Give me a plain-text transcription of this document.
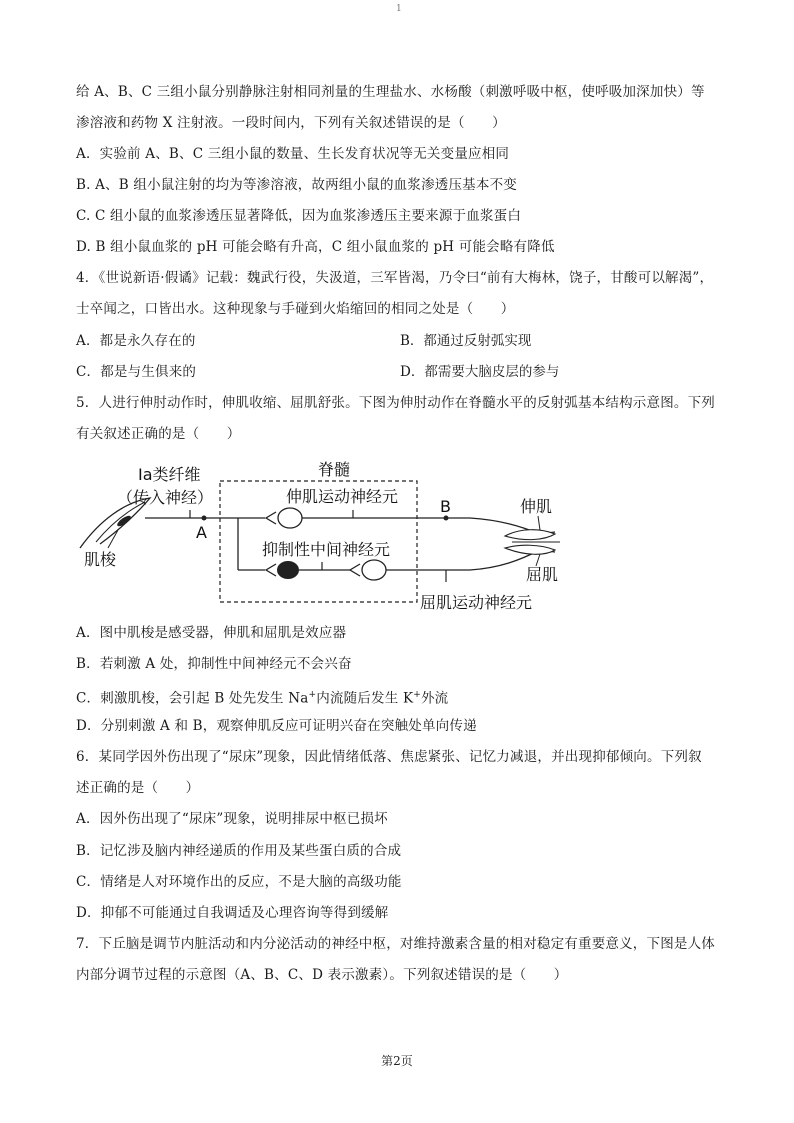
1
给 A、B、C 三组小鼠分别静脉注射相同剂量的生理盐水、水杨酸（刺激呼吸中枢，使呼吸加深加快）等
渗溶液和药物 X 注射液。一段时间内，下列有关叙述错误的是（　　）
A．实验前 A、B、C 三组小鼠的数量、生长发育状况等无关变量应相同
B. A、B 组小鼠注射的均为等渗溶液，故两组小鼠的血浆渗透压基本不变
C. C 组小鼠的血浆渗透压显著降低，因为血浆渗透压主要来源于血浆蛋白
D. B 组小鼠血浆的 pH 可能会略有升高，C 组小鼠血浆的 pH 可能会略有降低
4．《世说新语·假谲》记载：魏武行役，失汲道，三军皆渴，乃令曰“前有大梅林，饶子，甘酸可以解渴”，
士卒闻之，口皆出水。这种现象与手碰到火焰缩回的相同之处是（　　）
A．都是永久存在的	B．都通过反射弧实现
C．都是与生俱来的	D．都需要大脑皮层的参与
5．人进行伸肘动作时，伸肌收缩、屈肌舒张。下图为伸肘动作在脊髓水平的反射弧基本结构示意图。下列
有关叙述正确的是（　　）
脊髓
Ia类纤维
（传入神经）
肌梭
A
伸肌运动神经元
抑制性中间神经元
B
屈肌运动神经元
伸肌
屈肌
A．图中肌梭是感受器，伸肌和屈肌是效应器
B．若刺激 A 处，抑制性中间神经元不会兴奋
C．刺激肌梭，会引起 B 处先发生 Na+内流随后发生 K+外流
D．分别刺激 A 和 B，观察伸肌反应可证明兴奋在突触处单向传递
6．某同学因外伤出现了“尿床”现象，因此情绪低落、焦虑紧张、记忆力减退，并出现抑郁倾向。下列叙
述正确的是（　　）
A．因外伤出现了“尿床”现象，说明排尿中枢已损坏
B．记忆涉及脑内神经递质的作用及某些蛋白质的合成
C．情绪是人对环境作出的反应，不是大脑的高级功能
D．抑郁不可能通过自我调适及心理咨询等得到缓解
7．下丘脑是调节内脏活动和内分泌活动的神经中枢，对维持激素含量的相对稳定有重要意义，下图是人体
内部分调节过程的示意图（A、B、C、D 表示激素）。下列叙述错误的是（　　）
第2页
